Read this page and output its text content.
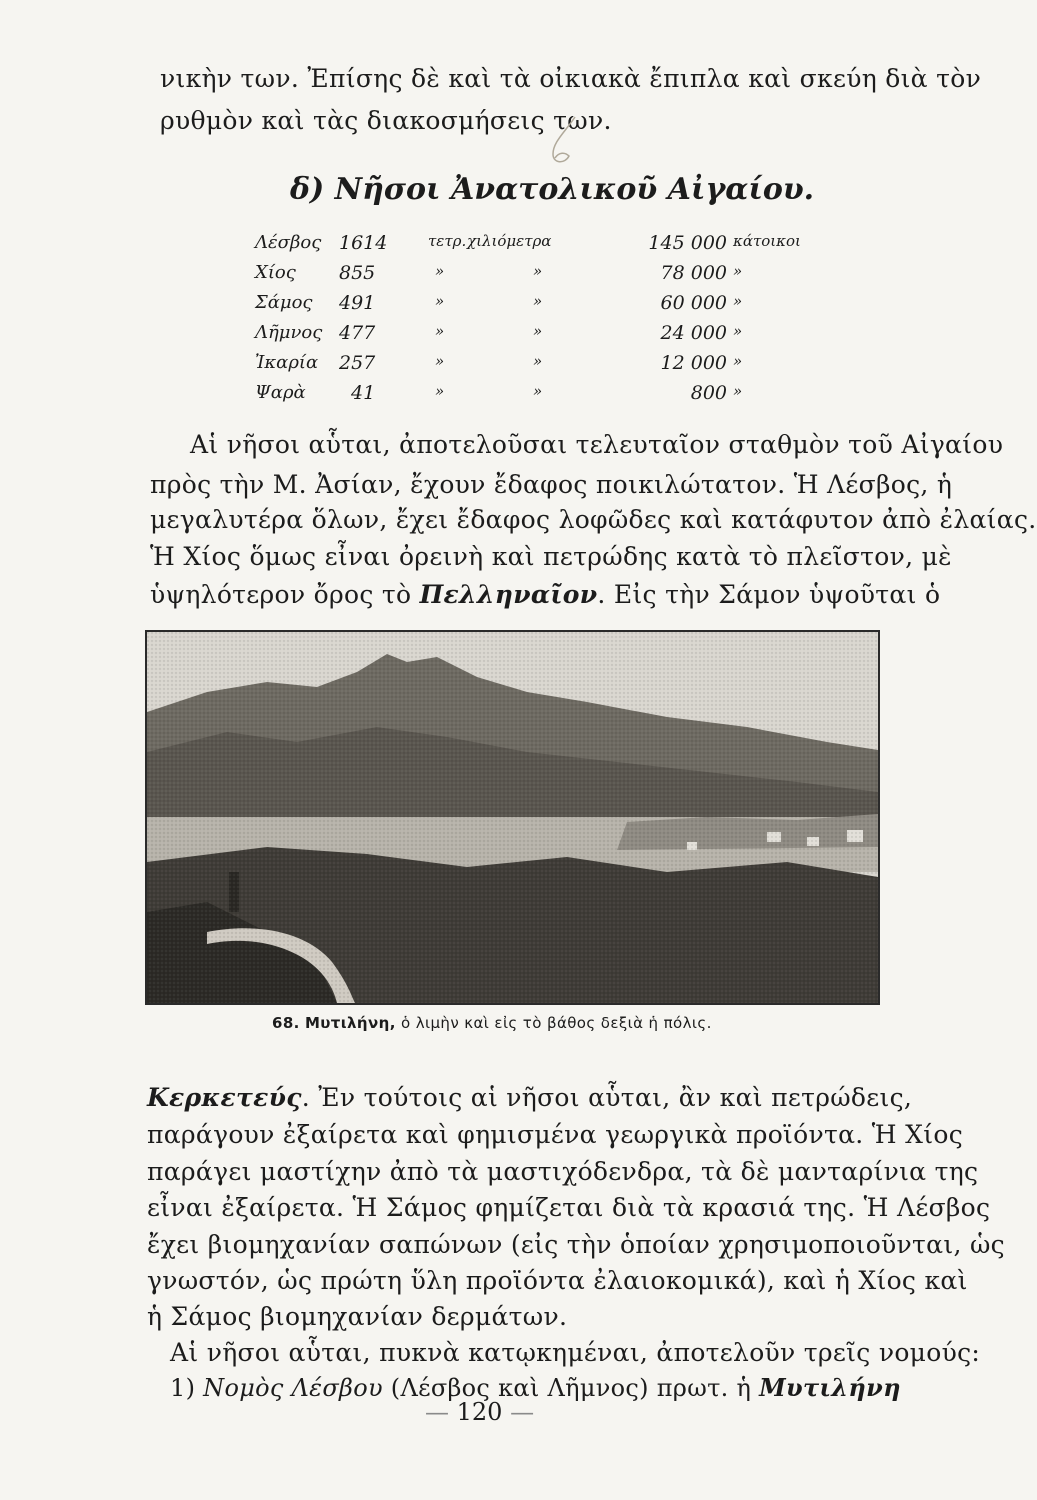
νικὴν των. Ἐπίσης δὲ καὶ τὰ οἰκιακὰ ἔπιπλα καὶ σκεύη διὰ τὸν
ρυθμὸν καὶ τὰς διακοσμήσεις των.
δ) Νῆσοι Ἀνατολικοῦ Αἰγαίου.
Λέσβος 1614	τετρ. χιλιόμετρα	145 000 κάτοικοι
Χίος 855	»	»	78 000 »
Σάμος 491	»	»	60 000 »
Λῆμνος 477	»	»	24 000 »
Ἰκαρία 257	»	»	12 000 »
Ψαρὰ 41	»	»	800 »
Αἱ νῆσοι αὗται, ἀποτελοῦσαι τελευταῖον σταθμὸν τοῦ Αἰγαίου
πρὸς τὴν Μ. Ἀσίαν, ἔχουν ἔδαφος ποικιλώτατον. Ἡ Λέσβος, ἡ
μεγαλυτέρα ὅλων, ἔχει ἔδαφος λοφῶδες καὶ κατάφυτον ἀπὸ ἐλαίας.
Ἡ Χίος ὅμως εἶναι ὀρεινὴ καὶ πετρώδης κατὰ τὸ πλεῖστον, μὲ
ὑψηλότερον ὄρος τὸ Πελληναῖον. Εἰς τὴν Σάμον ὑψοῦται ὁ
68. Μυτιλήνη, ὁ λιμὴν καὶ εἰς τὸ βάθος δεξιὰ ἡ πόλις.
Κερκετεύς. Ἐν τούτοις αἱ νῆσοι αὗται, ἂν καὶ πετρώδεις,
παράγουν ἐξαίρετα καὶ φημισμένα γεωργικὰ προϊόντα. Ἡ Χίος
παράγει μαστίχην ἀπὸ τὰ μαστιχόδενδρα, τὰ δὲ μανταρίνια της
εἶναι ἐξαίρετα. Ἡ Σάμος φημίζεται διὰ τὰ κρασιά της. Ἡ Λέσβος
ἔχει βιομηχανίαν σαπώνων (εἰς τὴν ὁποίαν χρησιμοποιοῦνται, ὡς
γνωστόν, ὡς πρώτη ὕλη προϊόντα ἐλαιοκομικά), καὶ ἡ Χίος καὶ
ἡ Σάμος βιομηχανίαν δερμάτων.
Αἱ νῆσοι αὗται, πυκνὰ κατῳκημέναι, ἀποτελοῦν τρεῖς νομούς:
1) Νομὸς Λέσβου (Λέσβος καὶ Λῆμνος) πρωτ. ἡ Μυτιλήνη
— 120 —
